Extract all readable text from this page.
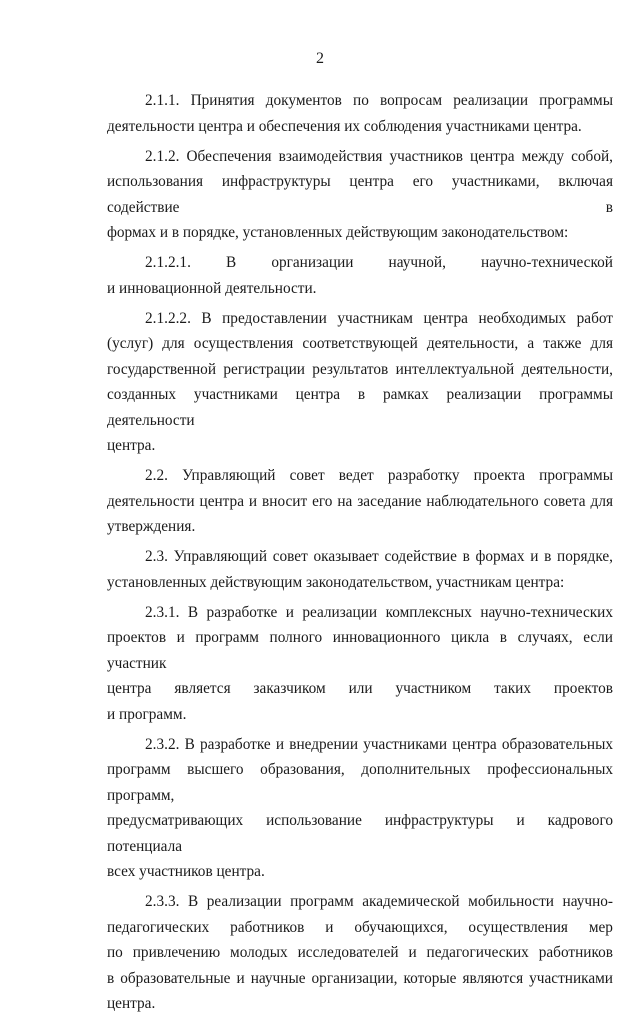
2
2.1.1. Принятия документов по вопросам реализации программы
деятельности центра и обеспечения их соблюдения участниками центра.
2.1.2. Обеспечения взаимодействия участников центра между собой,
использования инфраструктуры центра его участниками, включая содействие в
формах и в порядке, установленных действующим законодательством:
2.1.2.1. В организации научной, научно-технической
и инновационной деятельности.
2.1.2.2. В предоставлении участникам центра необходимых работ
(услуг) для осуществления соответствующей деятельности, а также для
государственной регистрации результатов интеллектуальной деятельности,
созданных участниками центра в рамках реализации программы деятельности
центра.
2.2. Управляющий совет ведет разработку проекта программы
деятельности центра и вносит его на заседание наблюдательного совета для
утверждения.
2.3. Управляющий совет оказывает содействие в формах и в порядке,
установленных действующим законодательством, участникам центра:
2.3.1. В разработке и реализации комплексных научно-технических
проектов и программ полного инновационного цикла в случаях, если участник
центра является заказчиком или участником таких проектов
и программ.
2.3.2. В разработке и внедрении участниками центра образовательных
программ высшего образования, дополнительных профессиональных программ,
предусматривающих использование инфраструктуры и кадрового потенциала
всех участников центра.
2.3.3. В реализации программ академической мобильности научно-
педагогических работников и обучающихся, осуществления мер
по привлечению молодых исследователей и педагогических работников
в образовательные и научные организации, которые являются участниками
центра.
